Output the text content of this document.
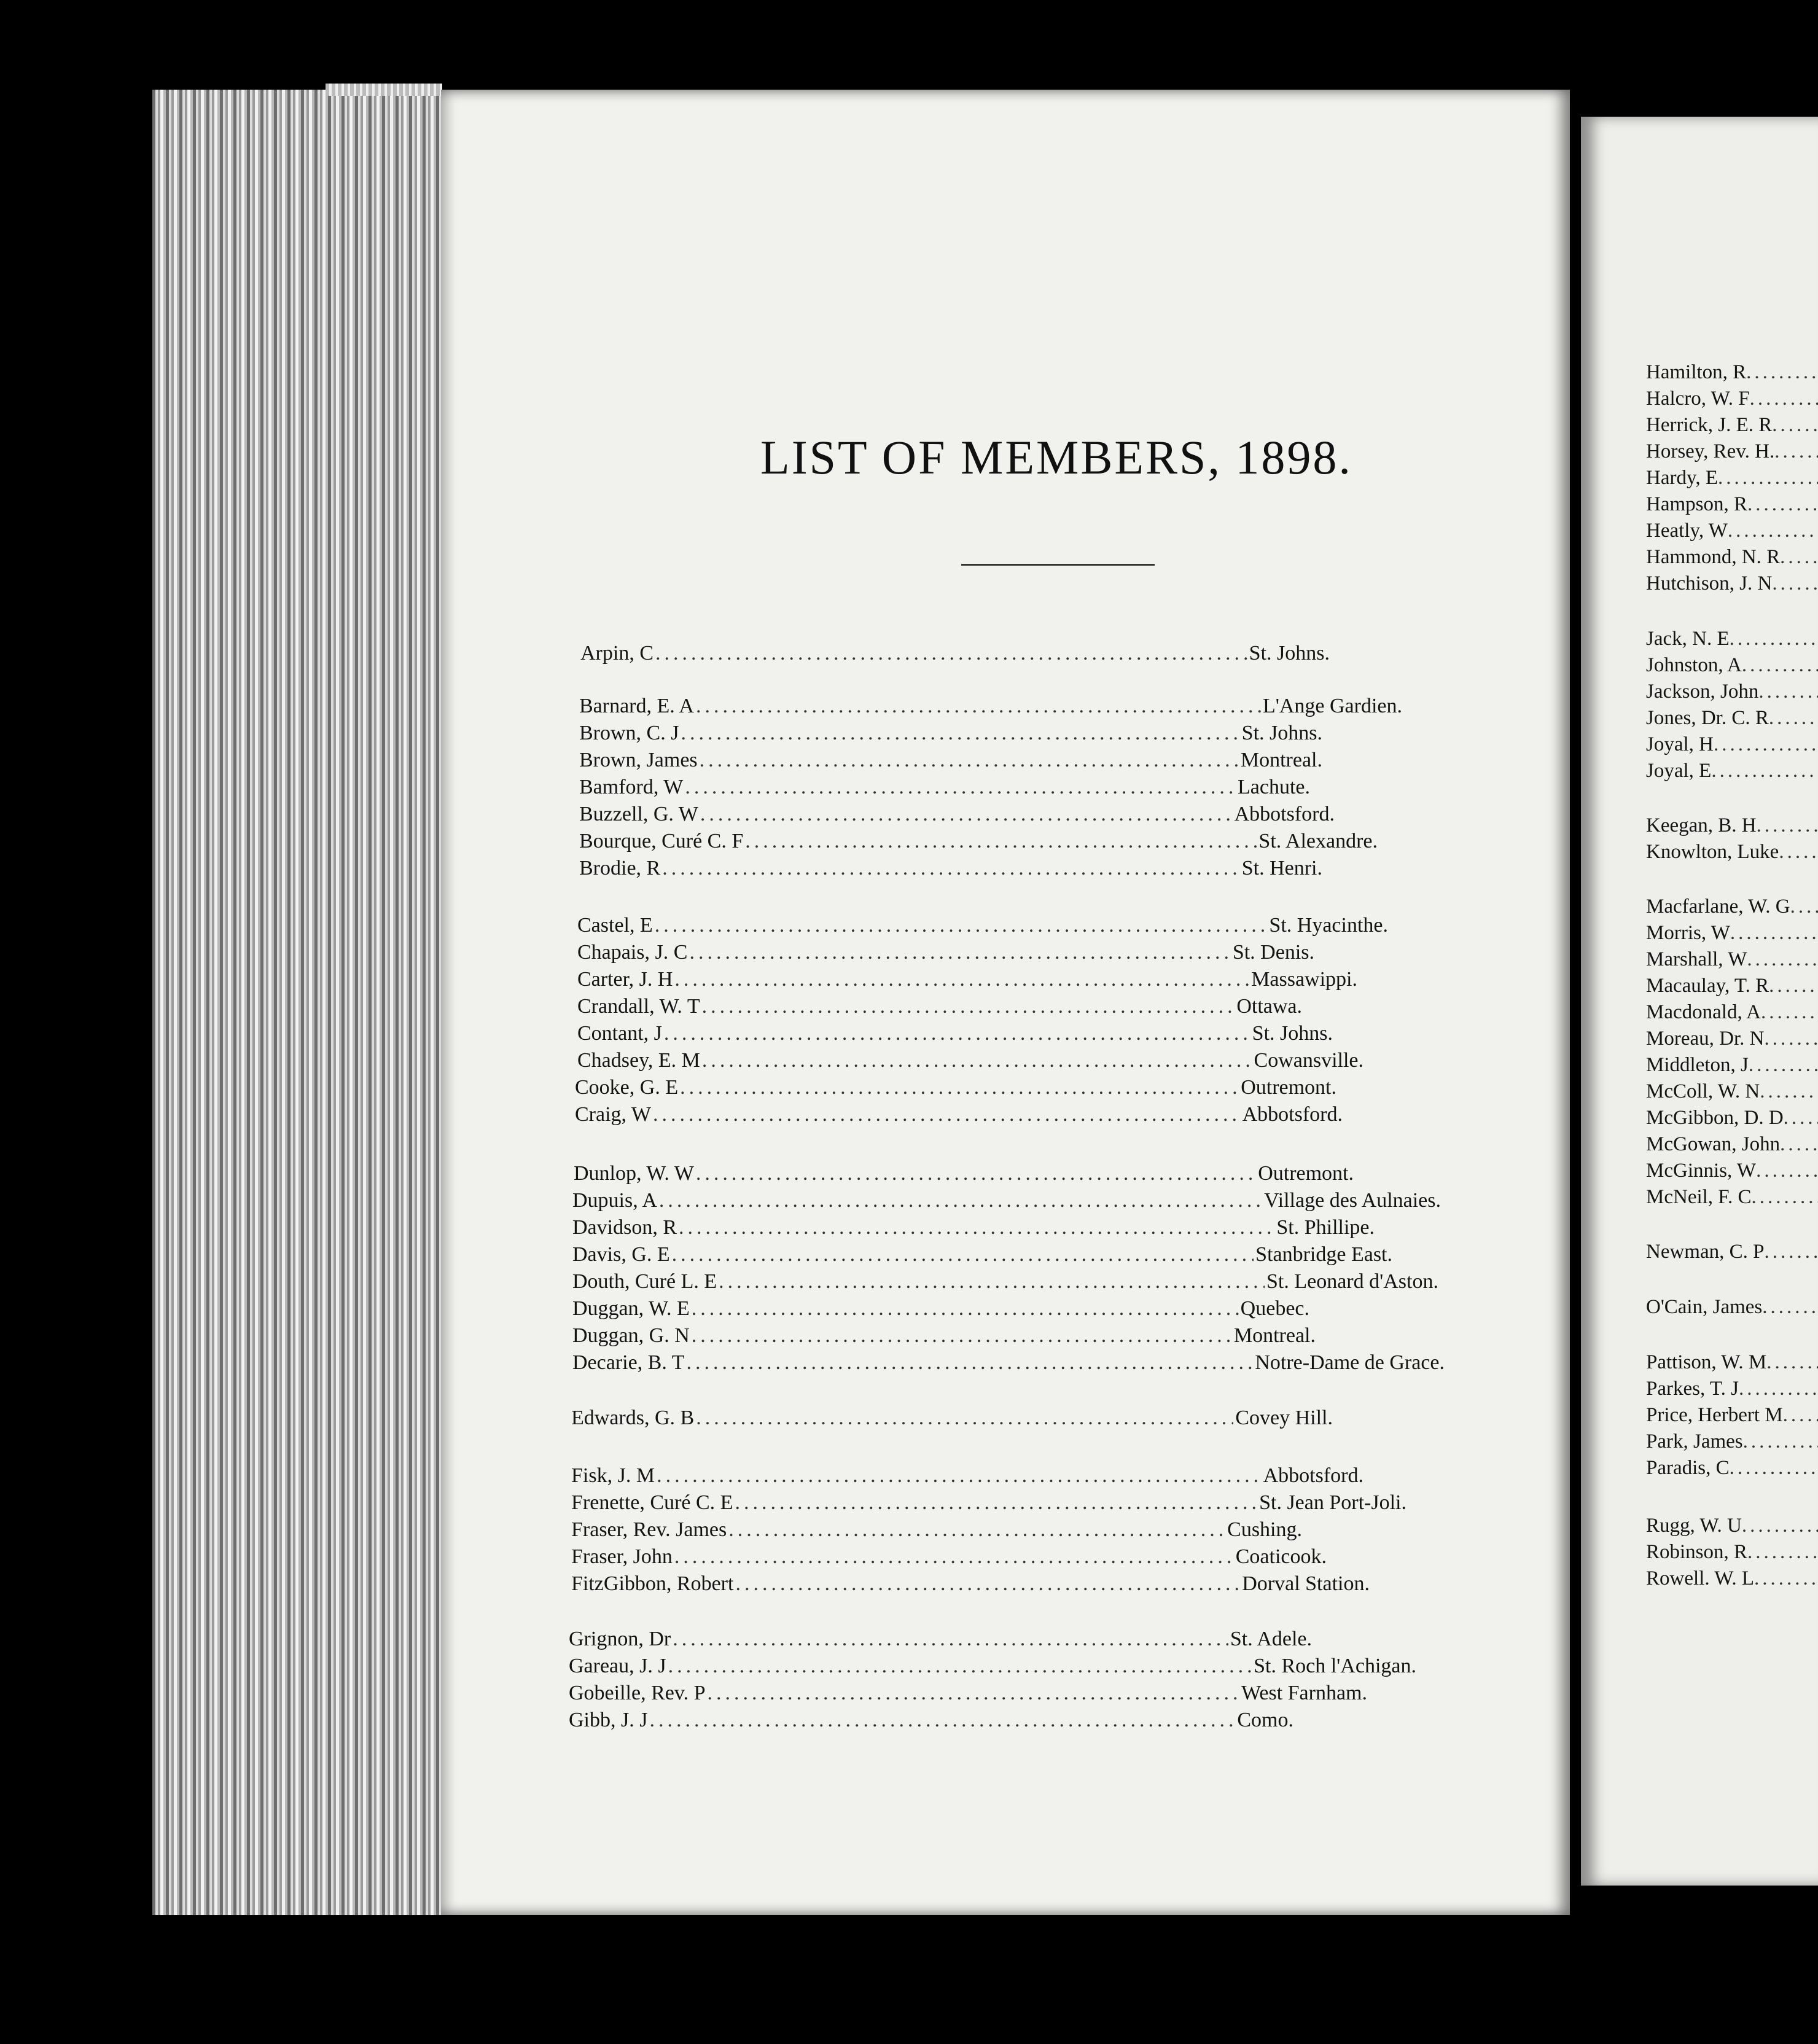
LIST OF MEMBERS, 1898.
Arpin, C .....	St. Johns.
Barnard, E. A .....	L'Ange Gardien.
Brown, C. J .....	St. Johns.
Brown, James .....	Montreal.
Bamford, W .....	Lachute.
Buzzell, G. W .....	Abbotsford.
Bourque, Curé C. F .....	St. Alexandre.
Brodie, R .....	St. Henri.
Castel, E .....	St. Hyacinthe.
Chapais, J. C .....	St. Denis.
Carter, J. H .....	Massawippi.
Crandall, W. T .....	Ottawa.
Contant, J .....	St. Johns.
Chadsey, E. M .....	Cowansville.
Cooke, G. E .....	Outremont.
Craig, W .....	Abbotsford.
Dunlop, W. W .....	Outremont.
Dupuis, A .....	Village des Aulnaies.
Davidson, R .....	St. Phillipe.
Davis, G. E .....	Stanbridge East.
Douth, Curé L. E .....	St. Leonard d'Aston.
Duggan, W. E .....	Quebec.
Duggan, G. N .....	Montreal.
Decarie, B. T .....	Notre-Dame de Grace.
Edwards, G. B .....	Covey Hill.
Fisk, J. M .....	Abbotsford.
Frenette, Curé C. E .....	St. Jean Port-Joli.
Fraser, Rev. James .....	Cushing.
Fraser, John .....	Coaticook.
FitzGibbon, Robert .....	Dorval Station.
Grignon, Dr .....	St. Adele.
Gareau, J. J .....	St. Roch l'Achigan.
Gobeille, Rev. P .....	West Farnham.
Gibb, J. J .....	Como.
Hamilton, R.....
Halcro, W. F.....
Herrick, J. E. R.....
Horsey, Rev. H......
Hardy, E.....
Hampson, R.....
Heatly, W.....
Hammond, N. R.....
Hutchison, J. N.....
Jack, N. E.....
Johnston, A.....
Jackson, John.....
Jones, Dr. C. R.....
Joyal, H.....
Joyal, E.....
Keegan, B. H.....
Knowlton, Luke.....
Macfarlane, W. G.....
Morris, W.....
Marshall, W.....
Macaulay, T. R.....
Macdonald, A.....
Moreau, Dr. N.....
Middleton, J.....
McColl, W. N.....
McGibbon, D. D.....
McGowan, John.....
McGinnis, W.....
McNeil, F. C.....
Newman, C. P.....
O'Cain, James.....
Pattison, W. M.....
Parkes, T. J.....
Price, Herbert M.....
Park, James.....
Paradis, C.....
Rugg, W. U.....
Robinson, R.....
Rowell. W. L.....
